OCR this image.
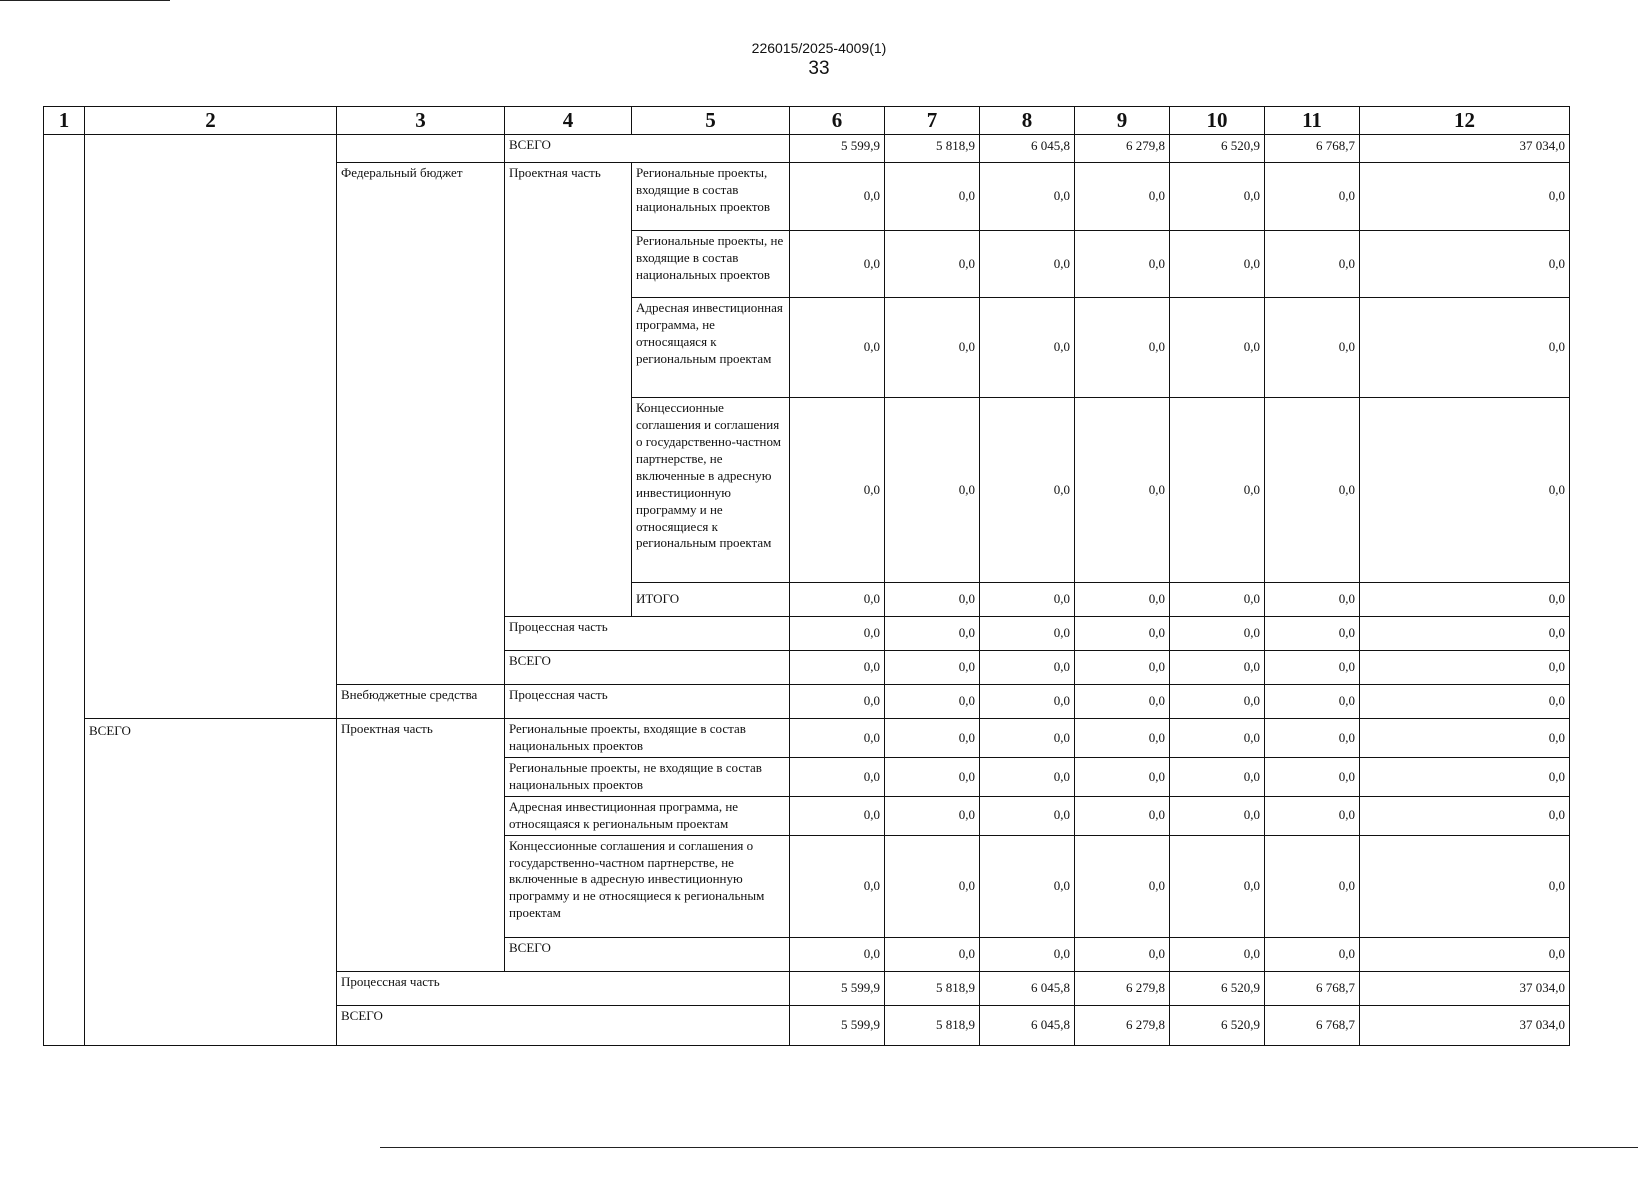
226015/2025-4009(1)
33
1	2	3	4	5	6	7	8	9	10	11	12
			ВСЕГО		5 599,9	5 818,9	6 045,8	6 279,8	6 520,9	6 768,7	37 034,0
		Федеральный бюджет	Проектная часть	Региональные проекты, входящие в состав национальных проектов	0,0	0,0	0,0	0,0	0,0	0,0	0,0
				Региональные проекты, не входящие в состав национальных проектов	0,0	0,0	0,0	0,0	0,0	0,0	0,0
				Адресная инвестиционная программа, не относящаяся к региональным проектам	0,0	0,0	0,0	0,0	0,0	0,0	0,0
				Концессионные соглашения и соглашения о государственно-частном партнерстве, не включенные в адресную инвестиционную программу и не относящиеся к региональным проектам	0,0	0,0	0,0	0,0	0,0	0,0	0,0
				ИТОГО	0,0	0,0	0,0	0,0	0,0	0,0	0,0
			Процессная часть		0,0	0,0	0,0	0,0	0,0	0,0	0,0
			ВСЕГО		0,0	0,0	0,0	0,0	0,0	0,0	0,0
		Внебюджетные средства	Процессная часть		0,0	0,0	0,0	0,0	0,0	0,0	0,0
	ВСЕГО	Проектная часть	Региональные проекты, входящие в состав национальных проектов		0,0	0,0	0,0	0,0	0,0	0,0	0,0
			Региональные проекты, не входящие в состав национальных проектов		0,0	0,0	0,0	0,0	0,0	0,0	0,0
			Адресная инвестиционная программа, не относящаяся к региональным проектам		0,0	0,0	0,0	0,0	0,0	0,0	0,0
			Концессионные соглашения и соглашения о государственно-частном партнерстве, не включенные в адресную инвестиционную программу и не относящиеся к региональным проектам		0,0	0,0	0,0	0,0	0,0	0,0	0,0
			ВСЕГО		0,0	0,0	0,0	0,0	0,0	0,0	0,0
		Процессная часть			5 599,9	5 818,9	6 045,8	6 279,8	6 520,9	6 768,7	37 034,0
		ВСЕГО			5 599,9	5 818,9	6 045,8	6 279,8	6 520,9	6 768,7	37 034,0
